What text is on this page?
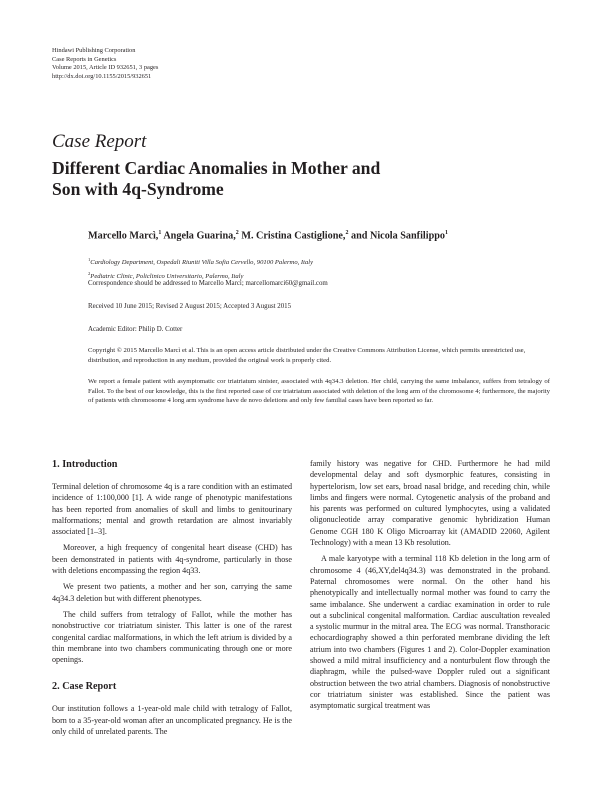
Hindawi Publishing Corporation
Case Reports in Genetics
Volume 2015, Article ID 932651, 3 pages
http://dx.doi.org/10.1155/2015/932651
Case Report
Different Cardiac Anomalies in Mother and
Son with 4q-Syndrome
Marcello Marcì,$^1$ Angela Guarina,$^2$ M. Cristina Castiglione,$^2$ and Nicola Sanfilippo$^1$
$^1$Cardiology Department, Ospedali Riuniti Villa Sofia Cervello, 90100 Palermo, Italy
$^2$Pediatric Clinic, Policlinico Universitario, Palermo, Italy
Correspondence should be addressed to Marcello Marcì; marcellomarci60@gmail.com
Received 10 June 2015; Revised 2 August 2015; Accepted 3 August 2015
Academic Editor: Philip D. Cotter
Copyright © 2015 Marcello Marcì et al. This is an open access article distributed under the Creative Commons Attribution License, which permits unrestricted use, distribution, and reproduction in any medium, provided the original work is properly cited.
We report a female patient with asymptomatic cor triatriatum sinister, associated with 4q34.3 deletion. Her child, carrying the same imbalance, suffers from tetralogy of Fallot. To the best of our knowledge, this is the first reported case of cor triatriatum associated with deletion of the long arm of the chromosome 4; furthermore, the majority of patients with chromosome 4 long arm syndrome have de novo deletions and only few familial cases have been reported so far.
1. Introduction

Terminal deletion of chromosome 4q is a rare condition with an estimated incidence of 1:100,000 [1]. A wide range of phenotypic manifestations has been reported from anomalies of skull and limbs to genitourinary malformations; mental and growth retardation are almost invariably associated [1–3].

Moreover, a high frequency of congenital heart disease (CHD) has been demonstrated in patients with 4q-syndrome, particularly in those with deletions encompassing the region 4q33.

We present two patients, a mother and her son, carrying the same 4q34.3 deletion but with different phenotypes.

The child suffers from tetralogy of Fallot, while the mother has nonobstructive cor triatriatum sinister. This latter is one of the rarest congenital cardiac malformations, in which the left atrium is divided by a thin membrane into two chambers communicating through one or more openings.

2. Case Report

Our institution follows a 1-year-old male child with tetralogy of Fallot, born to a 35-year-old woman after an uncomplicated pregnancy. He is the only child of unrelated parents. The

family history was negative for CHD. Furthermore he had mild developmental delay and soft dysmorphic features, consisting in hypertelorism, low set ears, broad nasal bridge, and receding chin, while limbs and fingers were normal. Cytogenetic analysis of the proband and his parents was performed on cultured lymphocytes, using a validated oligonucleotide array comparative genomic hybridization Human Genome CGH 180 K Oligo Microarray kit (AMADID 22060, Agilent Technology) with a mean 13 Kb resolution.

A male karyotype with a terminal 118 Kb deletion in the long arm of chromosome 4 (46,XY,del4q34.3) was demonstrated in the proband. Paternal chromosomes were normal. On the other hand his phenotypically and intellectually normal mother was found to carry the same imbalance. She underwent a cardiac examination in order to rule out a subclinical congenital malformation. Cardiac auscultation revealed a systolic murmur in the mitral area. The ECG was normal. Transthoracic echocardiography showed a thin perforated membrane dividing the left atrium into two chambers (Figures 1 and 2). Color-Doppler examination showed a mild mitral insufficiency and a nonturbulent flow through the diaphragm, while the pulsed-wave Doppler ruled out a significant obstruction between the two atrial chambers. Diagnosis of nonobstructive cor triatriatum sinister was established. Since the patient was asymptomatic surgical treatment was
